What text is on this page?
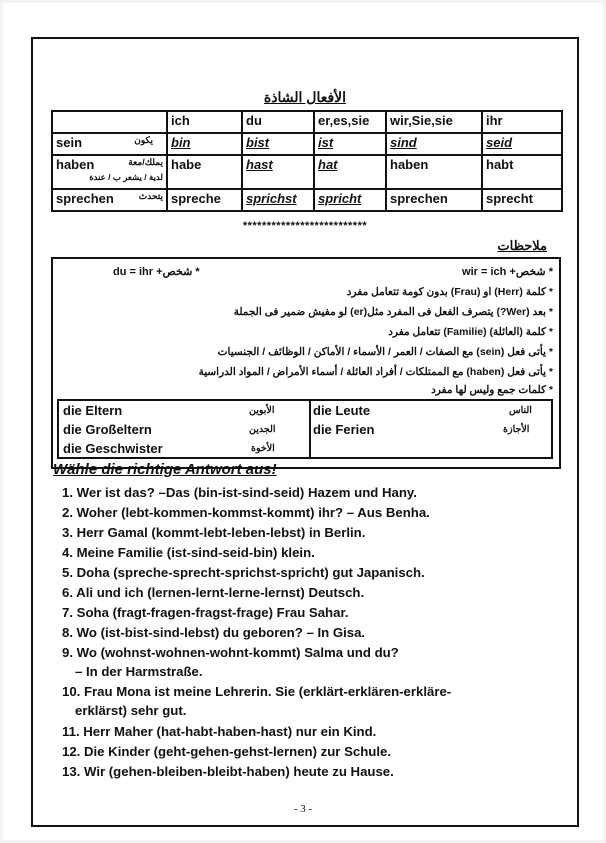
الأفعال الشاذة
	ich	du	er,es,sie	wir,Sie,sie	ihr

sein يكون	bin	bist	ist	sind	seid

haben يملك/معة
لدية / يشعر ب / عندة	habe	hast	hat	haben	habt

sprechen يتحدث	spreche	sprichst	spricht	sprechen	sprecht
**************************
ملاحظات
* شخص+ wir = ich
* شخص+ du = ihr
* كلمة (Herr) او (Frau) بدون كومة تتعامل مفرد
* بعد (Wer?) يتصرف الفعل فى المفرد مثل(er) لو مفيش ضمير فى الجملة
* كلمة (العائلة) (Familie) تتعامل مفرد
* يأتى فعل (sein) مع الصفات / العمر / الأسماء / الأماكن / الوظائف / الجنسيات
* يأتى فعل (haben) مع الممتلكات / أفراد العائلة / أسماء الأمراض / المواد الدراسية
* كلمات جمع وليس لها مفرد
die Eltern	الأبوين
die Großeltern	الجدين
die Geschwister	الأخوة
die Leute	الناس
die Ferien	الأجازة
Wähle die richtige Antwort aus!
1. Wer ist das? –Das (bin-ist-sind-seid) Hazem und Hany.
2. Woher (lebt-kommen-kommst-kommt) ihr? – Aus Benha.
3. Herr Gamal (kommt-lebt-leben-lebst) in Berlin.
4. Meine Familie (ist-sind-seid-bin) klein.
5. Doha (spreche-sprecht-sprichst-spricht) gut Japanisch.
6. Ali und ich (lernen-lernt-lerne-lernst) Deutsch.
7. Soha (fragt-fragen-fragst-frage) Frau Sahar.
8. Wo (ist-bist-sind-lebst) du geboren? – In Gisa.
9. Wo (wohnst-wohnen-wohnt-kommt) Salma und du?
– In der Harmstraße.
10. Frau Mona ist meine Lehrerin. Sie (erklärt-erklären-erkläre-
erklärst) sehr gut.
11. Herr Maher (hat-habt-haben-hast) nur ein Kind.
12. Die Kinder (geht-gehen-gehst-lernen) zur Schule.
13. Wir (gehen-bleiben-bleibt-haben) heute zu Hause.
- 3 -
